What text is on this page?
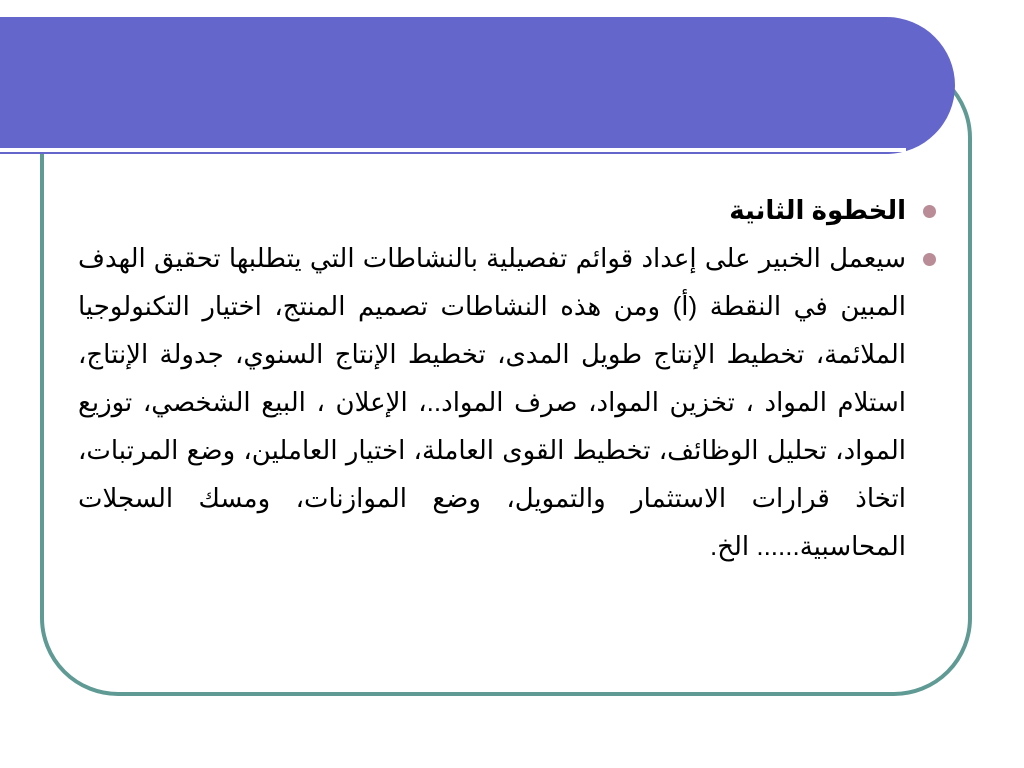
الخطوة الثانية

سيعمل الخبير على إعداد قوائم تفصيلية بالنشاطات التي يتطلبها تحقيق الهدف المبين في النقطة (أ) ومن هذه النشاطات تصميم المنتج، اختيار التكنولوجيا الملائمة، تخطيط الإنتاج طويل المدى، تخطيط الإنتاج السنوي، جدولة الإنتاج، استلام المواد ، تخزين المواد، صرف المواد..، الإعلان ، البيع الشخصي، توزيع المواد، تحليل الوظائف، تخطيط القوى العاملة، اختيار العاملين، وضع المرتبات، اتخاذ قرارات الاستثمار والتمويل، وضع الموازنات، ومسك السجلات المحاسبية...... الخ.
